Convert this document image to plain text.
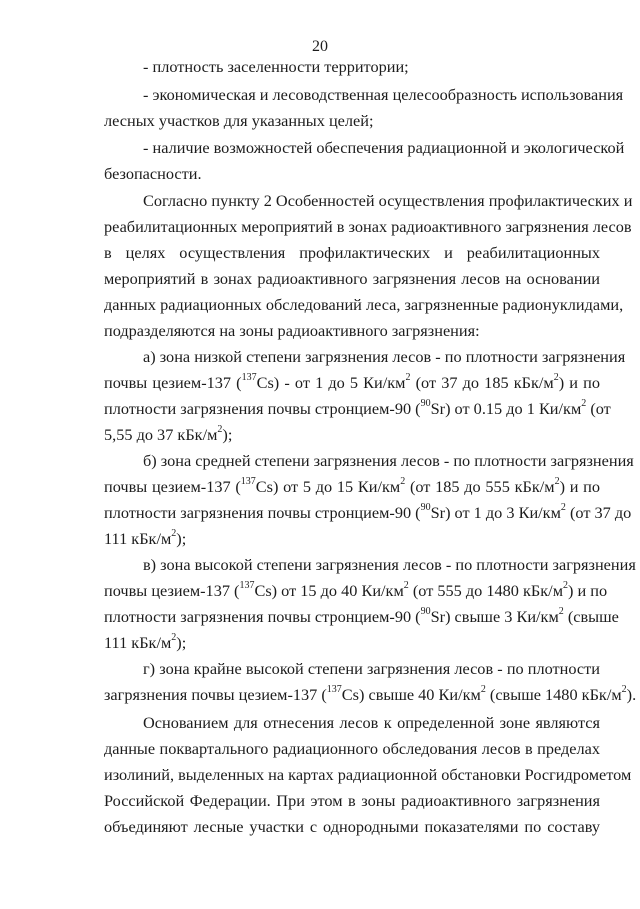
20
- плотность заселенности территории;
- экономическая и лесоводственная целесообразность использования
лесных участков для указанных целей;
- наличие возможностей обеспечения радиационной и экологической
безопасности.
Согласно пункту 2 Особенностей осуществления профилактических и
реабилитационных мероприятий в зонах радиоактивного загрязнения лесов
в целях осуществления профилактических и реабилитационных
мероприятий в зонах радиоактивного загрязнения лесов на основании
данных радиационных обследований леса, загрязненные радионуклидами,
подразделяются на зоны радиоактивного загрязнения:
а) зона низкой степени загрязнения лесов - по плотности загрязнения
почвы цезием-137 ($^{137}$Cs) - от 1 до 5 $Ки/км^2$ (от 37 до 185 кБк/$м^2$) и по
плотности загрязнения почвы стронцием-90 ($^{90}$Sr) от 0.15 до 1 $Ки/км^2$ (от
5,55 до 37 кБк/$м^2$);
б) зона средней степени загрязнения лесов - по плотности загрязнения
почвы цезием-137 ($^{137}$Cs) от 5 до 15 $Ки/км^2$ (от 185 до 555 кБк/$м^2$) и по
плотности загрязнения почвы стронцием-90 ($^{90}$Sr) от 1 до 3 $Ки/км^2$ (от 37 до
111 кБк/$м^2$);
в) зона высокой степени загрязнения лесов - по плотности загрязнения
почвы цезием-137 ($^{137}$Cs) от 15 до 40 $Ки/км^2$ (от 555 до 1480 кБк/$м^2$) и по
плотности загрязнения почвы стронцием-90 ($^{90}$Sr) свыше 3 $Ки/км^2$ (свыше
111 кБк/$м^2$);
г) зона крайне высокой степени загрязнения лесов - по плотности
загрязнения почвы цезием-137 ($^{137}$Cs) свыше 40 $Ки/км^2$ (свыше 1480 кБк/$м^2$).
Основанием для отнесения лесов к определенной зоне являются
данные поквартального радиационного обследования лесов в пределах
изолиний, выделенных на картах радиационной обстановки Росгидрометом
Российской Федерации. При этом в зоны радиоактивного загрязнения
объединяют лесные участки с однородными показателями по составу
